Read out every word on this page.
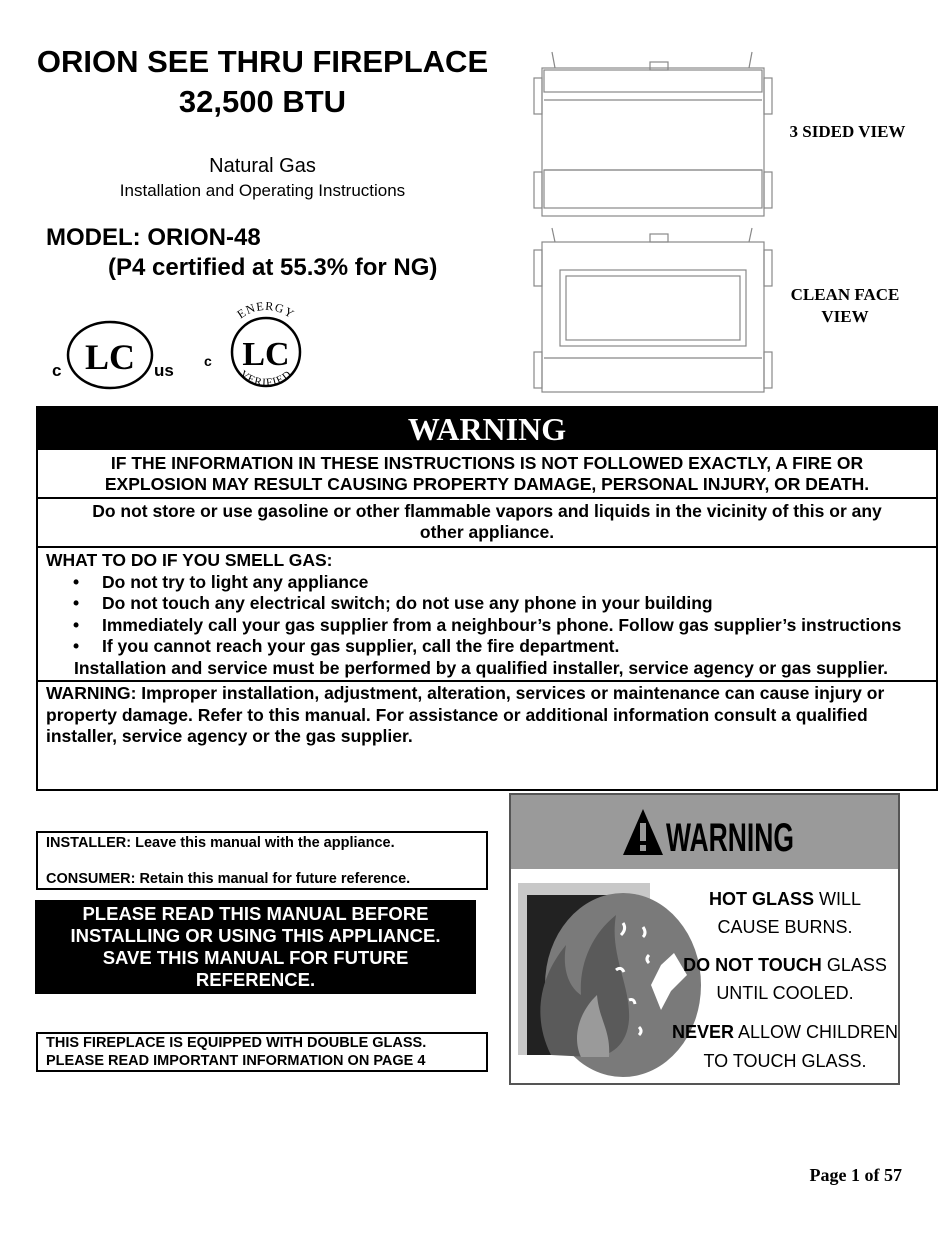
ORION SEE THRU FIREPLACE
32,500 BTU
Natural Gas
Installation and Operating Instructions
MODEL: ORION-48
(P4 certified at 55.3% for NG)
c LC us c LC
ENERGY
VERIFIED
3 SIDED VIEW
CLEAN FACE
VIEW
WARNING
IF THE INFORMATION IN THESE INSTRUCTIONS IS NOT FOLLOWED EXACTLY, A FIRE OR
EXPLOSION MAY RESULT CAUSING PROPERTY DAMAGE, PERSONAL INJURY, OR DEATH.
Do not store or use gasoline or other flammable vapors and liquids in the vicinity of this or any
other appliance.
WHAT TO DO IF YOU SMELL GAS:
• Do not try to light any appliance
• Do not touch any electrical switch; do not use any phone in your building
• Immediately call your gas supplier from a neighbour’s phone. Follow gas supplier’s instructions
• If you cannot reach your gas supplier, call the fire department.
Installation and service must be performed by a qualified installer, service agency or gas supplier.
WARNING: Improper installation, adjustment, alteration, services or maintenance can cause injury or property damage. Refer to this manual. For assistance or additional information consult a qualified installer, service agency or the gas supplier.
INSTALLER: Leave this manual with the appliance.
CONSUMER: Retain this manual for future reference.
PLEASE READ THIS MANUAL BEFORE
INSTALLING OR USING THIS APPLIANCE.
SAVE THIS MANUAL FOR FUTURE
REFERENCE.
THIS FIREPLACE IS EQUIPPED WITH DOUBLE GLASS.
PLEASE READ IMPORTANT INFORMATION ON PAGE 4
WARNING
HOT GLASS WILL
CAUSE BURNS.
DO NOT TOUCH GLASS
UNTIL COOLED.
NEVER ALLOW CHILDREN
TO TOUCH GLASS.
Page 1 of 57
